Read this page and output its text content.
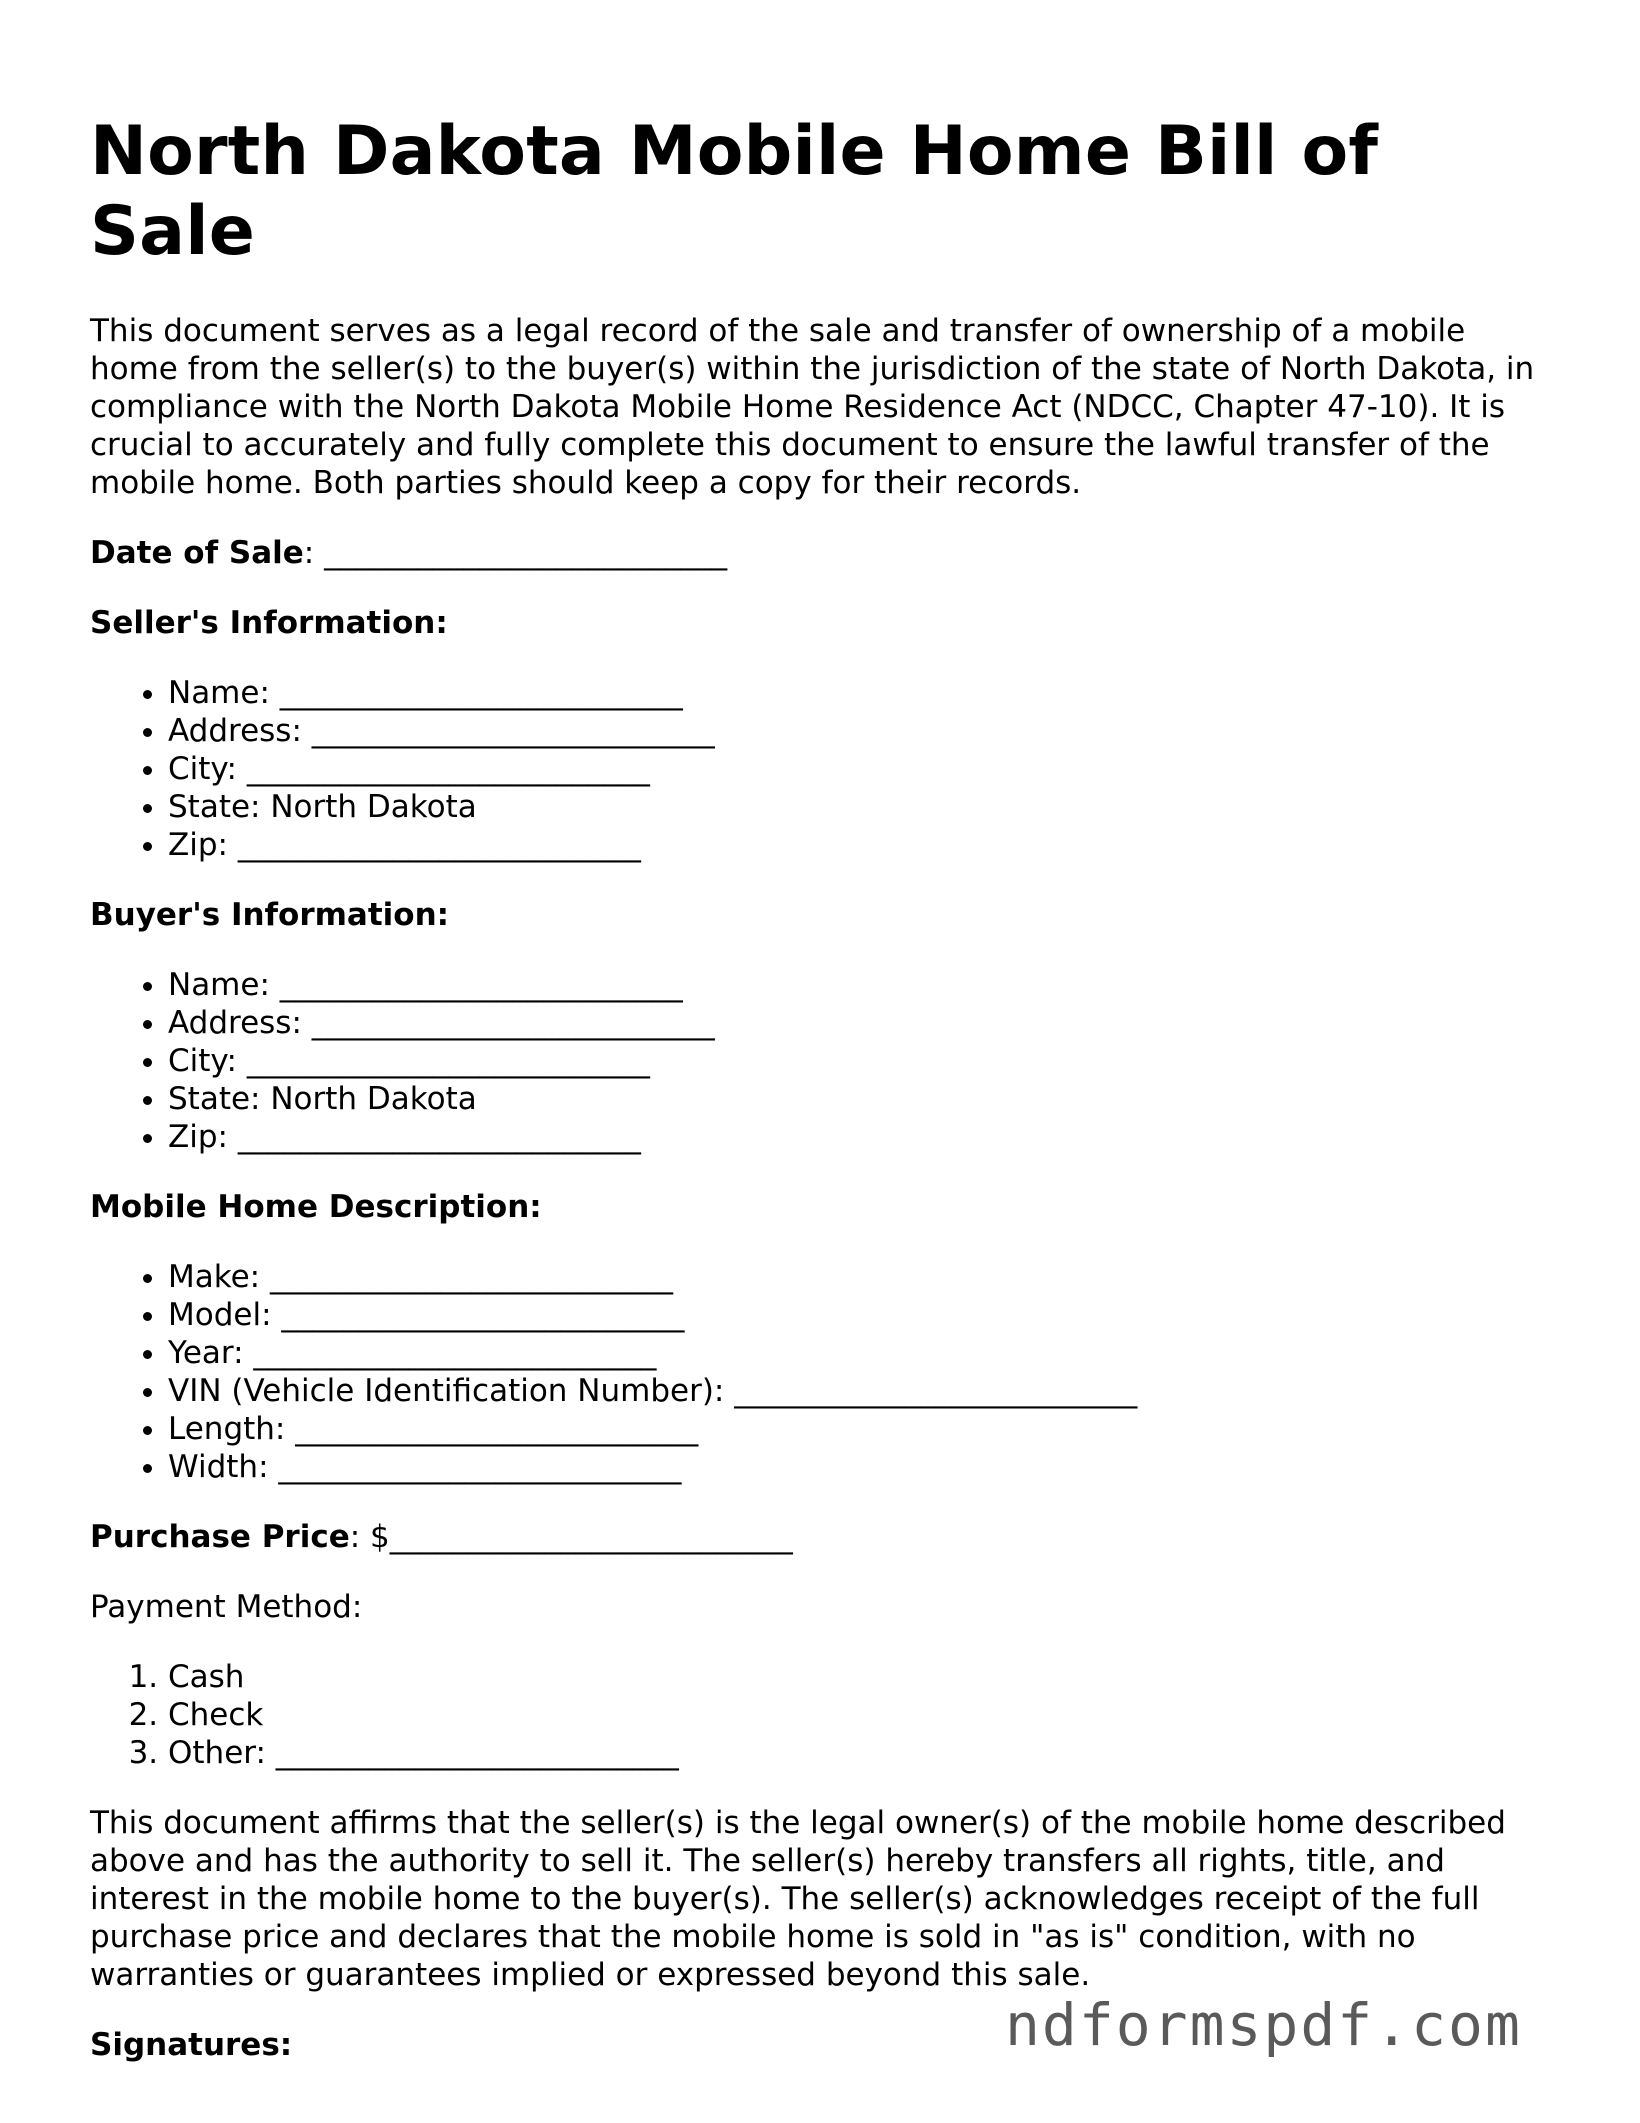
North Dakota Mobile Home Bill of Sale

This document serves as a legal record of the sale and transfer of ownership of a mobile home from the seller(s) to the buyer(s) within the jurisdiction of the state of North Dakota, in compliance with the North Dakota Mobile Home Residence Act (NDCC, Chapter 47-10). It is crucial to accurately and fully complete this document to ensure the lawful transfer of the mobile home. Both parties should keep a copy for their records.

Date of Sale: __________________________
Seller's Information:
• Name: __________________________
• Address: __________________________
• City: __________________________
• State: North Dakota
• Zip: __________________________
Buyer's Information:
• Name: __________________________
• Address: __________________________
• City: __________________________
• State: North Dakota
• Zip: __________________________
Mobile Home Description:
• Make: __________________________
• Model: __________________________
• Year: __________________________
• VIN (Vehicle Identification Number): __________________________
• Length: __________________________
• Width: __________________________
Purchase Price: $__________________________
Payment Method:
1. Cash
2. Check
3. Other: __________________________

This document affirms that the seller(s) is the legal owner(s) of the mobile home described above and has the authority to sell it. The seller(s) hereby transfers all rights, title, and interest in the mobile home to the buyer(s). The seller(s) acknowledges receipt of the full purchase price and declares that the mobile home is sold in "as is" condition, with no warranties or guarantees implied or expressed beyond this sale.

Signatures:	ndformspdf.com
